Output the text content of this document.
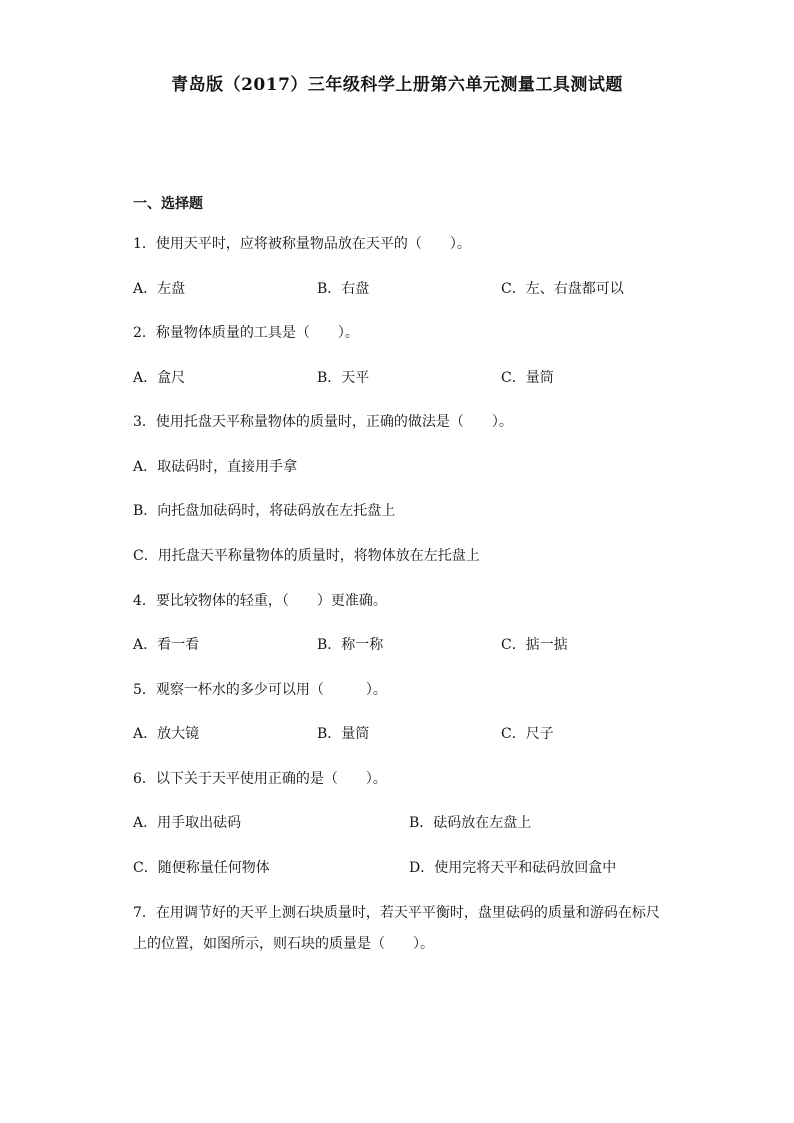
青岛版（2017）三年级科学上册第六单元测量工具测试题
一、选择题
1．使用天平时，应将被称量物品放在天平的（　　）。
A．左盘	B．右盘	C．左、右盘都可以
2．称量物体质量的工具是（　　）。
A．盒尺	B．天平	C．量筒
3．使用托盘天平称量物体的质量时，正确的做法是（　　）。
A．取砝码时，直接用手拿
B．向托盘加砝码时，将砝码放在左托盘上
C．用托盘天平称量物体的质量时，将物体放在左托盘上
4．要比较物体的轻重，（　　）更准确。
A．看一看	B．称一称	C．掂一掂
5．观察一杯水的多少可以用（　　　）。
A．放大镜	B．量筒	C．尺子
6．以下关于天平使用正确的是（　　）。
A．用手取出砝码	B．砝码放在左盘上
C．随便称量任何物体	D．使用完将天平和砝码放回盒中
7．在用调节好的天平上测石块质量时，若天平平衡时，盘里砝码的质量和游码在标尺
上的位置，如图所示，则石块的质量是（　　）。
